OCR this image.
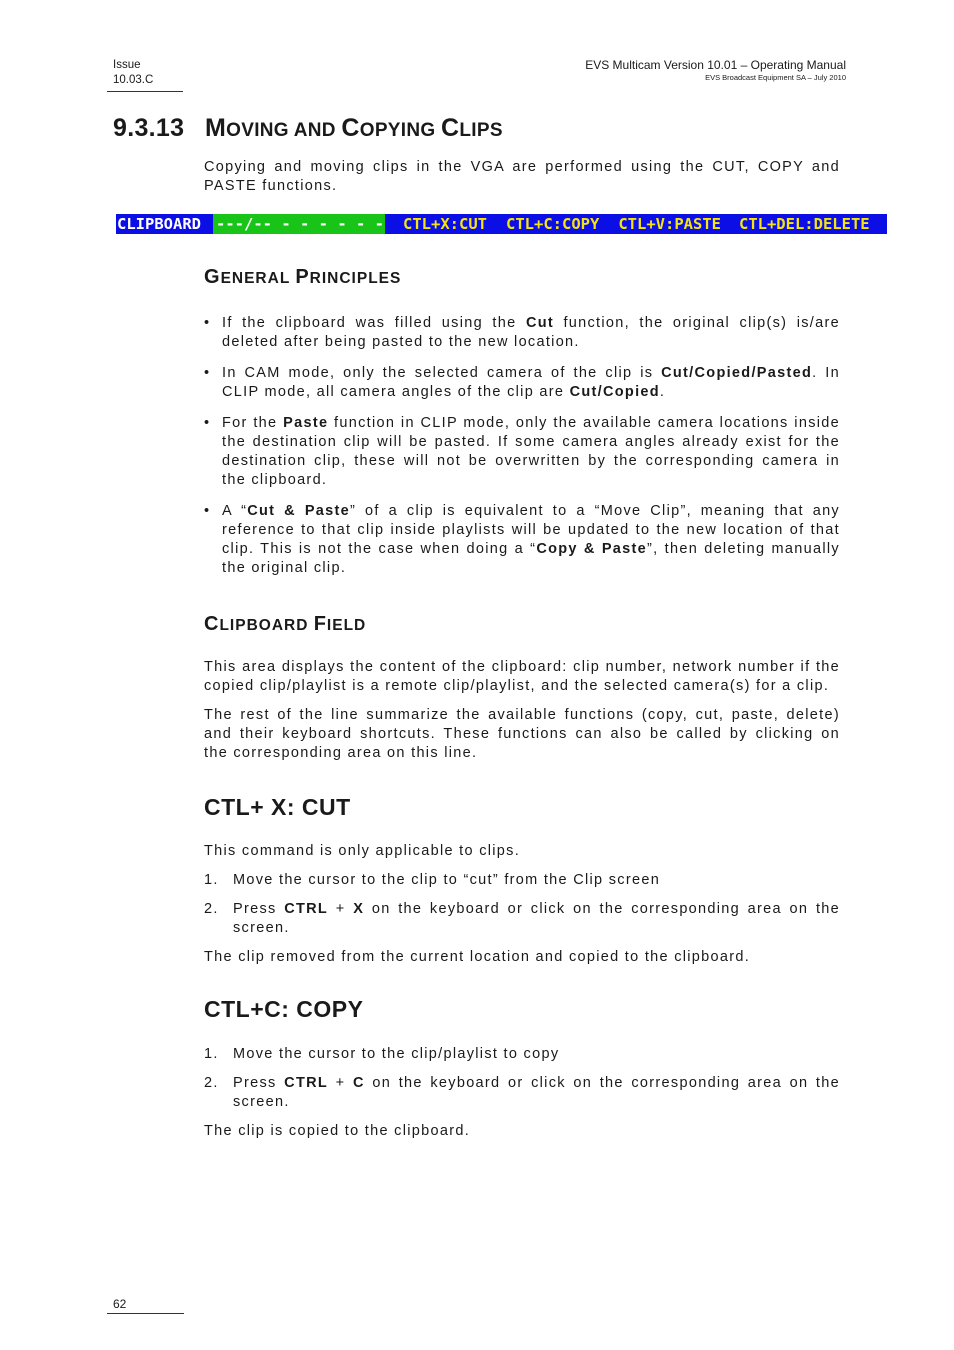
Issue
10.03.C
EVS Multicam Version 10.01 – Operating Manual
EVS Broadcast Equipment SA – July 2010
9.3.13 MOVING AND COPYING CLIPS

Copying and moving clips in the VGA are performed using the CUT, COPY and PASTE functions.

CLIPBOARD ---/-- - - - - - - CTL+X:CUT CTL+C:COPY CTL+V:PASTE CTL+DEL:DELETE
GENERAL PRINCIPLES
• If the clipboard was filled using the Cut function, the original clip(s) is/are deleted after being pasted to the new location.
• In CAM mode, only the selected camera of the clip is Cut/Copied/Pasted. In CLIP mode, all camera angles of the clip are Cut/Copied.
• For the Paste function in CLIP mode, only the available camera locations inside the destination clip will be pasted. If some camera angles already exist for the destination clip, these will not be overwritten by the corresponding camera in the clipboard.
• A “Cut & Paste” of a clip is equivalent to a “Move Clip”, meaning that any reference to that clip inside playlists will be updated to the new location of that clip. This is not the case when doing a “Copy & Paste”, then deleting manually the original clip.
CLIPBOARD FIELD

This area displays the content of the clipboard: clip number, network number if the copied clip/playlist is a remote clip/playlist, and the selected camera(s) for a clip.

The rest of the line summarize the available functions (copy, cut, paste, delete) and their keyboard shortcuts. These functions can also be called by clicking on the corresponding area on this line.

CTL+ X: CUT

This command is only applicable to clips.

1. Move the cursor to the clip to “cut” from the Clip screen
2. Press CTRL + X on the keyboard or click on the corresponding area on the screen.

The clip removed from the current location and copied to the clipboard.

CTL+C: COPY
1. Move the cursor to the clip/playlist to copy
2. Press CTRL + C on the keyboard or click on the corresponding area on the screen.

The clip is copied to the clipboard.

62
